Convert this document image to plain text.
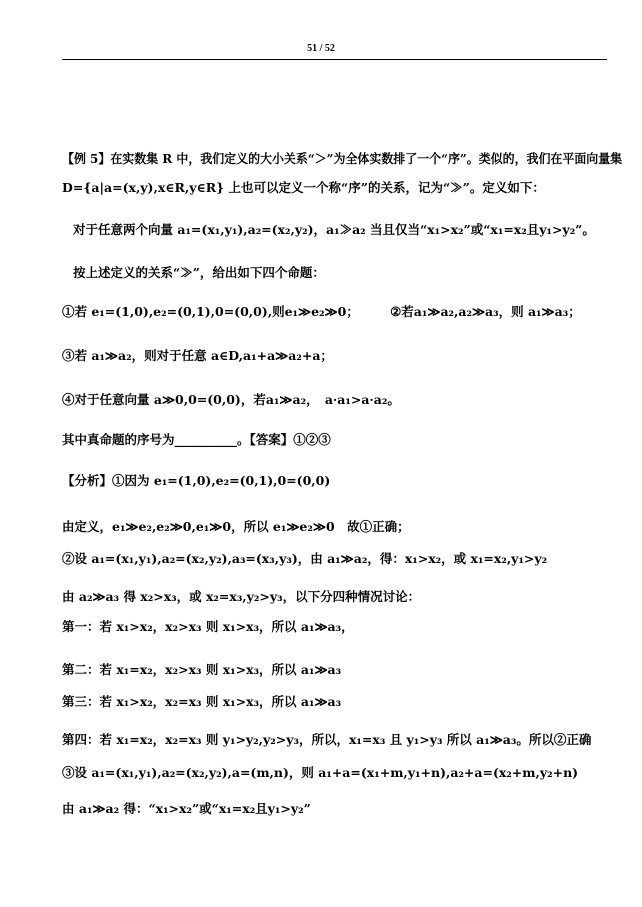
51 / 52
【例 5】在实数集 R 中，我们定义的大小关系“＞”为全体实数排了一个“序”。类似的，我们在平面向量集
D={a|a=(x,y),x∈R,y∈R} 上也可以定义一个称“序”的关系，记为“≫”。定义如下：
对于任意两个向量 a₁=(x₁,y₁),a₂=(x₂,y₂)，a₁≫a₂ 当且仅当“x₁>x₂”或“x₁=x₂且y₁>y₂”。
按上述定义的关系“≫”，给出如下四个命题：
①若 e₁=(1,0),e₂=(0,1),0=(0,0),则e₁≫e₂≫0；　　　②若a₁≫a₂,a₂≫a₃，则 a₁≫a₃；
③若 a₁≫a₂，则对于任意 a∈D,a₁+a≫a₂+a；
④对于任意向量 a≫0,0=(0,0)，若a₁≫a₂，　a·a₁>a·a₂。
其中真命题的序号为__________。【答案】①②③
【分析】①因为 e₁=(1,0),e₂=(0,1),0=(0,0)
由定义，e₁≫e₂,e₂≫0,e₁≫0，所以 e₁≫e₂≫0　故①正确；
②设 a₁=(x₁,y₁),a₂=(x₂,y₂),a₃=(x₃,y₃)，由 a₁≫a₂，得：x₁>x₂，或 x₁=x₂,y₁>y₂
由 a₂≫a₃ 得 x₂>x₃，或 x₂=x₃,y₂>y₃，以下分四种情况讨论：
第一：若 x₁>x₂，x₂>x₃ 则 x₁>x₃，所以 a₁≫a₃，
第二：若 x₁=x₂，x₂>x₃ 则 x₁>x₃，所以 a₁≫a₃
第三：若 x₁>x₂，x₂=x₃ 则 x₁>x₃，所以 a₁≫a₃
第四：若 x₁=x₂，x₂=x₃ 则 y₁>y₂,y₂>y₃，所以，x₁=x₃ 且 y₁>y₃ 所以 a₁≫a₃。所以②正确
③设 a₁=(x₁,y₁),a₂=(x₂,y₂),a=(m,n)，则 a₁+a=(x₁+m,y₁+n),a₂+a=(x₂+m,y₂+n)
由 a₁≫a₂ 得：“x₁>x₂”或“x₁=x₂且y₁>y₂”
